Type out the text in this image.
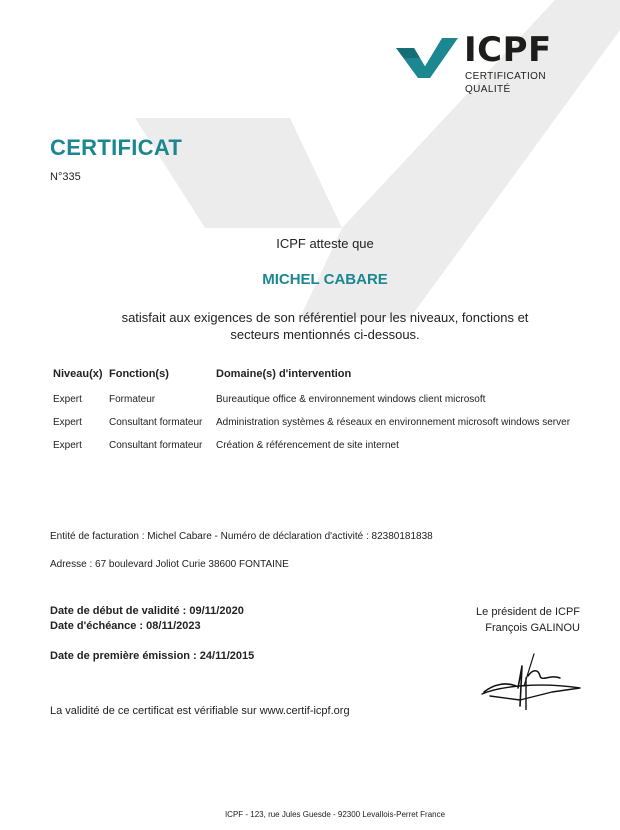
ICPF
CERTIFICATION
QUALITÉ
CERTIFICAT
N°335
ICPF atteste que
MICHEL CABARE
satisfait aux exigences de son référentiel pour les niveaux, fonctions et secteurs mentionnés ci-dessous.
Niveau(x)	Fonction(s)	Domaine(s) d'intervention
Expert	Formateur	Bureautique office & environnement windows client microsoft
Expert	Consultant formateur	Administration systèmes & réseaux en environnement microsoft windows server
Expert	Consultant formateur	Création & référencement de site internet
Entité de facturation : Michel Cabare - Numéro de déclaration d'activité : 82380181838
Adresse : 67 boulevard Joliot Curie 38600 FONTAINE
Date de début de validité : 09/11/2020
Date d'échéance : 08/11/2023
Date de première émission : 24/11/2015
Le président de ICPF
François GALINOU
La validité de ce certificat est vérifiable sur www.certif-icpf.org
ICPF - 123, rue Jules Guesde - 92300 Levallois-Perret France
